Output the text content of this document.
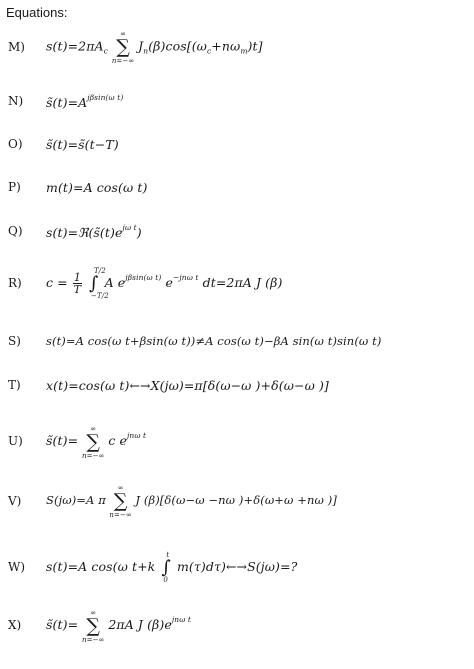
Equations:
M)	$s(t)=2\pi A_c$
∞
∑
n=−∞
$J_n(\beta)\cos[(\omega_c+n\omega_m)t]$
N)	$s̃(t)=A^{j\beta sin(\omega t)}$
O)	s̃(t)=s̃(t−T)
P)	m(t)=A cos(ω t)
Q)	$s(t)=ℜ(s̃(t)e^{j\omega t})$
R)	$c = \frac{1}{T}$ ∫
T/2
−T/2
A $e^{j\beta sin(\omega t)}$ $e^{-jn\omega t}$ dt=2πA J (β)
S)	s(t)=A cos(ω t+βsin(ω t))≠A cos(ω t)−βA sin(ω t)sin(ω t)
T)	x(t)=cos(ω t)←→X(jω)=π[δ(ω−ω )+δ(ω−ω )]
U)	s̃(t)=
∞
∑
n=−∞
c $e^{jn\omega t}$
V)	S(jω)=A π
∞
∑
n=−∞
J (β)[δ(ω−ω −nω )+δ(ω+ω +nω )]
W)	s(t)=A cos(ω t+k ∫
t
0
m(τ)dτ)←→S(jω)=?
X)	s̃(t)=
∞
∑
n=−∞
2πA J $(\beta)e^{jn\omega t}$
